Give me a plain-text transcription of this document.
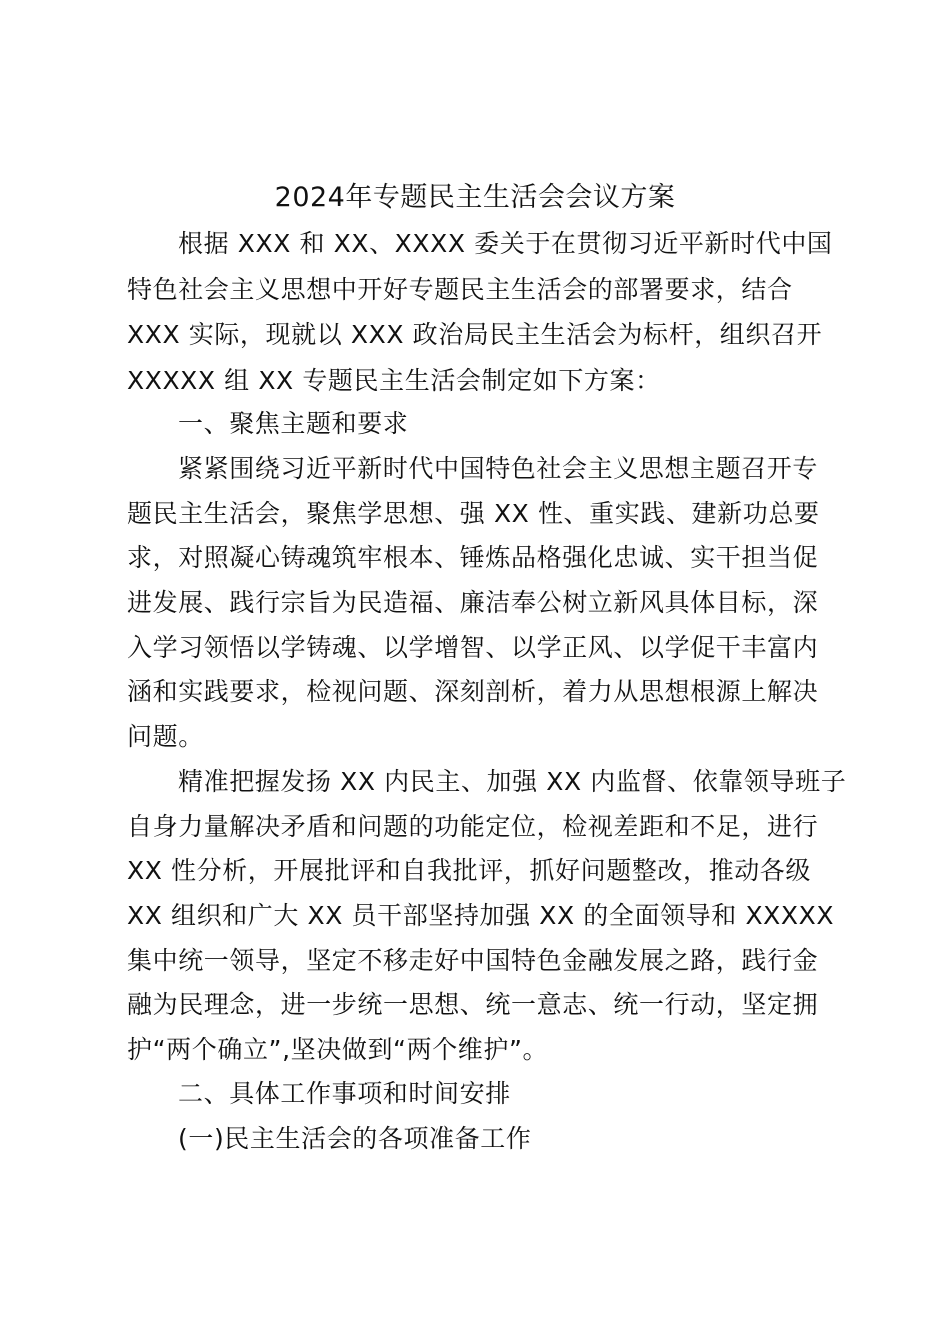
2024年专题民主生活会会议方案
根据 XXX 和 XX、XXXX 委关于在贯彻习近平新时代中国
特色社会主义思想中开好专题民主生活会的部署要求，结合
XXX 实际，现就以 XXX 政治局民主生活会为标杆，组织召开
XXXXX 组 XX 专题民主生活会制定如下方案：
一、聚焦主题和要求
紧紧围绕习近平新时代中国特色社会主义思想主题召开专
题民主生活会，聚焦学思想、强 XX 性、重实践、建新功总要
求，对照凝心铸魂筑牢根本、锤炼品格强化忠诚、实干担当促
进发展、践行宗旨为民造福、廉洁奉公树立新风具体目标，深
入学习领悟以学铸魂、以学增智、以学正风、以学促干丰富内
涵和实践要求，检视问题、深刻剖析，着力从思想根源上解决
问题。
精准把握发扬 XX 内民主、加强 XX 内监督、依靠领导班子
自身力量解决矛盾和问题的功能定位，检视差距和不足，进行
XX 性分析，开展批评和自我批评，抓好问题整改，推动各级
XX 组织和广大 XX 员干部坚持加强 XX 的全面领导和 XXXXX
集中统一领导，坚定不移走好中国特色金融发展之路，践行金
融为民理念，进一步统一思想、统一意志、统一行动，坚定拥
护“两个确立”,坚决做到“两个维护”。
二、具体工作事项和时间安排
(一)民主生活会的各项准备工作
